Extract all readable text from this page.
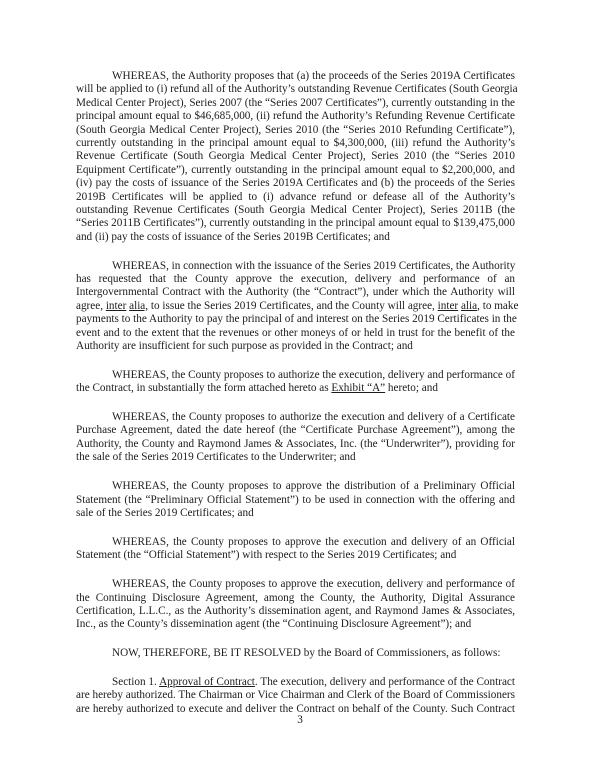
WHEREAS, the Authority proposes that (a) the proceeds of the Series 2019A Certificates
will be applied to (i) refund all of the Authority’s outstanding Revenue Certificates (South Georgia
Medical Center Project), Series 2007 (the “Series 2007 Certificates”), currently outstanding in the
principal amount equal to $46,685,000, (ii) refund the Authority’s Refunding Revenue Certificate
(South Georgia Medical Center Project), Series 2010 (the “Series 2010 Refunding Certificate”),
currently outstanding in the principal amount equal to $4,300,000, (iii) refund the Authority’s
Revenue Certificate (South Georgia Medical Center Project), Series 2010 (the “Series 2010
Equipment Certificate”), currently outstanding in the principal amount equal to $2,200,000, and
(iv) pay the costs of issuance of the Series 2019A Certificates and (b) the proceeds of the Series
2019B Certificates will be applied to (i) advance refund or defease all of the Authority’s
outstanding Revenue Certificates (South Georgia Medical Center Project), Series 2011B (the
“Series 2011B Certificates”), currently outstanding in the principal amount equal to $139,475,000
and (ii) pay the costs of issuance of the Series 2019B Certificates; and
WHEREAS, in connection with the issuance of the Series 2019 Certificates, the Authority
has requested that the County approve the execution, delivery and performance of an
Intergovernmental Contract with the Authority (the “Contract”), under which the Authority will
agree, inter alia, to issue the Series 2019 Certificates, and the County will agree, inter alia, to make
payments to the Authority to pay the principal of and interest on the Series 2019 Certificates in the
event and to the extent that the revenues or other moneys of or held in trust for the benefit of the
Authority are insufficient for such purpose as provided in the Contract; and
WHEREAS, the County proposes to authorize the execution, delivery and performance of
the Contract, in substantially the form attached hereto as Exhibit “A” hereto; and
WHEREAS, the County proposes to authorize the execution and delivery of a Certificate
Purchase Agreement, dated the date hereof (the “Certificate Purchase Agreement”), among the
Authority, the County and Raymond James & Associates, Inc. (the “Underwriter”), providing for
the sale of the Series 2019 Certificates to the Underwriter; and
WHEREAS, the County proposes to approve the distribution of a Preliminary Official
Statement (the “Preliminary Official Statement”) to be used in connection with the offering and
sale of the Series 2019 Certificates; and
WHEREAS, the County proposes to approve the execution and delivery of an Official
Statement (the “Official Statement”) with respect to the Series 2019 Certificates; and
WHEREAS, the County proposes to approve the execution, delivery and performance of
the Continuing Disclosure Agreement, among the County, the Authority, Digital Assurance
Certification, L.L.C., as the Authority’s dissemination agent, and Raymond James & Associates,
Inc., as the County’s dissemination agent (the “Continuing Disclosure Agreement”); and
NOW, THEREFORE, BE IT RESOLVED by the Board of Commissioners, as follows:
Section 1. Approval of Contract. The execution, delivery and performance of the Contract
are hereby authorized. The Chairman or Vice Chairman and Clerk of the Board of Commissioners
are hereby authorized to execute and deliver the Contract on behalf of the County. Such Contract
3
